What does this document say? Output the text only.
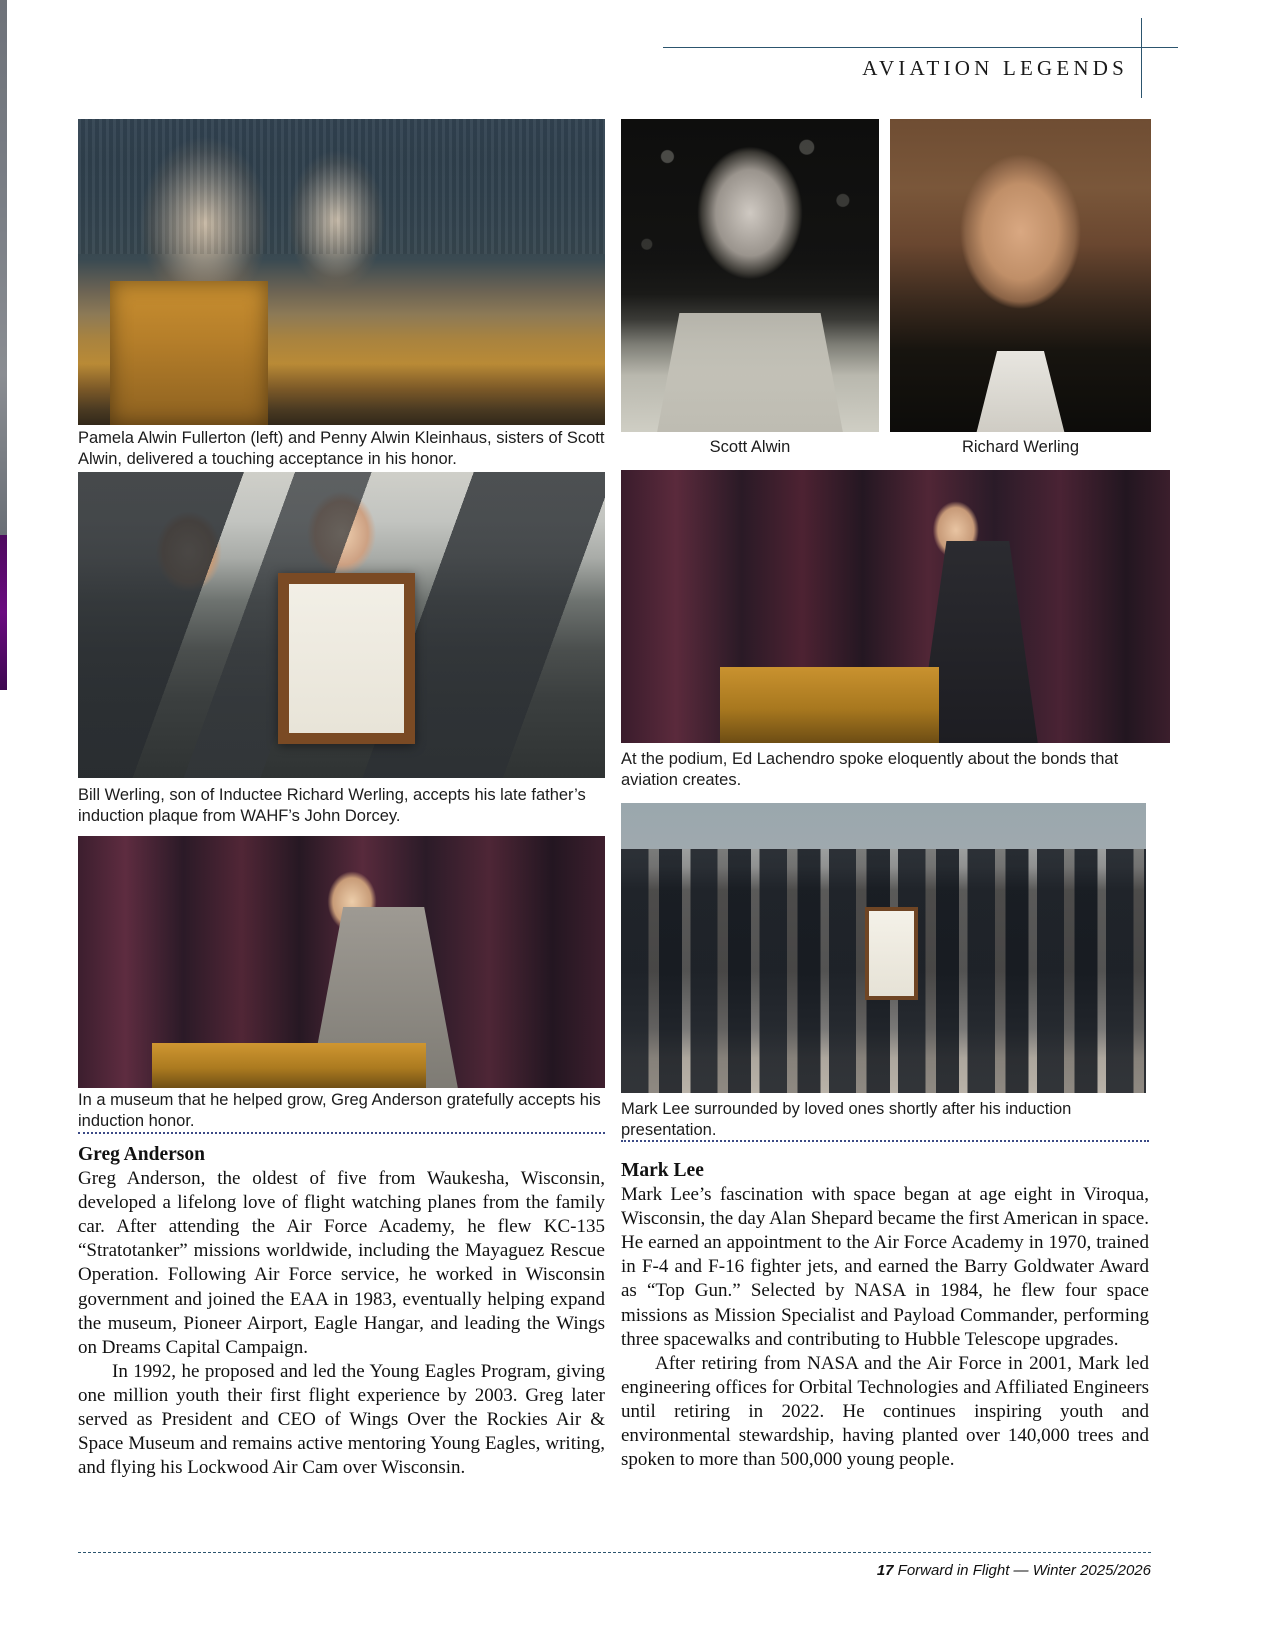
AVIATION LEGENDS
Pamela Alwin Fullerton (left) and Penny Alwin Kleinhaus, sisters of Scott Alwin, delivered a touching acceptance in his honor.
Bill Werling, son of Inductee Richard Werling, accepts his late father’s induction plaque from WAHF’s John Dorcey.
In a museum that he helped grow, Greg Anderson gratefully accepts his induction honor.
Greg Anderson

Greg Anderson, the oldest of five from Waukesha, Wisconsin, developed a lifelong love of flight watching planes from the family car. After attending the Air Force Academy, he flew KC-135 “Stratotanker” missions worldwide, including the Mayaguez Rescue Operation. Following Air Force service, he worked in Wisconsin government and joined the EAA in 1983, eventually helping expand the museum, Pioneer Airport, Eagle Hangar, and leading the Wings on Dreams Capital Campaign.

In 1992, he proposed and led the Young Eagles Program, giving one million youth their first flight experience by 2003. Greg later served as President and CEO of Wings Over the Rockies Air & Space Museum and remains active mentoring Young Eagles, writing, and flying his Lockwood Air Cam over Wisconsin.

Scott Alwin	Richard Werling
At the podium, Ed Lachendro spoke eloquently about the bonds that aviation creates.
Mark Lee surrounded by loved ones shortly after his induction presentation.
Mark Lee

Mark Lee’s fascination with space began at age eight in Viroqua, Wisconsin, the day Alan Shepard became the first American in space. He earned an appointment to the Air Force Academy in 1970, trained in F-4 and F-16 fighter jets, and earned the Barry Goldwater Award as “Top Gun.” Selected by NASA in 1984, he flew four space missions as Mission Specialist and Payload Commander, performing three spacewalks and contributing to Hubble Telescope upgrades.

After retiring from NASA and the Air Force in 2001, Mark led engineering offices for Orbital Technologies and Affiliated Engineers until retiring in 2022. He continues inspiring youth and environmental stewardship, having planted over 140,000 trees and spoken to more than 500,000 young people.

17 Forward in Flight — Winter 2025/2026
